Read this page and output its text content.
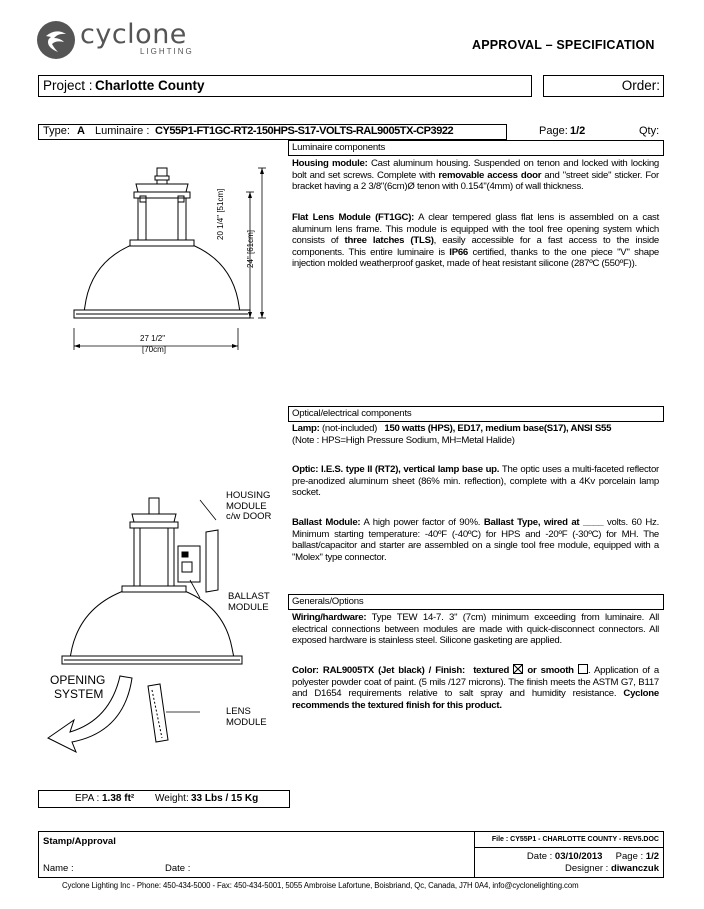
cyclone
LIGHTING	APPROVAL – SPECIFICATION
Project : Charlotte County	Order:
Type: A Luminaire : CY55P1-FT1GC-RT2-150HPS-S17-VOLTS-RAL9005TX-CP3922	Page: 1/2	Qty:
Luminaire components
Housing module: Cast aluminum housing. Suspended on tenon and locked with locking bolt and set screws. Complete with removable access door and "street side" sticker. For bracket having a 2 3/8"(6cm)Ø tenon with 0.154"(4mm) of wall thickness.
Flat Lens Module (FT1GC): A clear tempered glass flat lens is assembled on a cast aluminum lens frame. This module is equipped with the tool free opening system which consists of three latches (TLS), easily accessible for a fast access to the inside components. This entire luminaire is IP66 certified, thanks to the one piece "V" shape injection molded weatherproof gasket, made of heat resistant silicone (287ºC (550ºF)).
20 1/4" [51cm]
24" [61cm]
27 1/2"
[70cm]
Optical/electrical components
Lamp: (not-included) 150 watts (HPS), ED17, medium base(S17), ANSI S55
(Note : HPS=High Pressure Sodium, MH=Metal Halide)
Optic: I.E.S. type II (RT2), vertical lamp base up. The optic uses a multi-faceted reflector pre-anodized aluminum sheet (86% min. reflection), complete with a 4Kv porcelain lamp socket.
Ballast Module: A high power factor of 90%. Ballast Type, wired at ____ volts. 60 Hz. Minimum starting temperature: -40ºF (-40ºC) for HPS and -20ºF (-30ºC) for MH. The ballast/capacitor and starter are assembled on a single tool free module, equipped with a "Molex" type connector.
Generals/Options
Wiring/hardware: Type TEW 14-7. 3" (7cm) minimum exceeding from luminaire. All electrical connections between modules are made with quick-disconnect connectors. All exposed hardware is stainless steel. Silicone gasketing are applied.
Color: RAL9005TX (Jet black) / Finish: textured or smooth . Application of a polyester powder coat of paint. (5 mils /127 microns). The finish meets the ASTM G7, B117 and D1654 requirements relative to salt spray and humidity resistance. Cyclone recommends the textured finish for this product.
HOUSING
MODULE
c/w DOOR
BALLAST
MODULE
OPENING
SYSTEM
LENS
MODULE
EPA : 1.38 ft² Weight: 33 Lbs / 15 Kg
Stamp/Approval
Name :	Date :
File : CY55P1 - CHARLOTTE COUNTY - REV5.DOC
Date : 03/10/2013 Page : 1/2
Designer : diwanczuk
Cyclone Lighting Inc - Phone: 450-434-5000 - Fax: 450-434-5001, 5055 Ambroise Lafortune, Boisbriand, Qc, Canada, J7H 0A4, info@cyclonelighting.com
